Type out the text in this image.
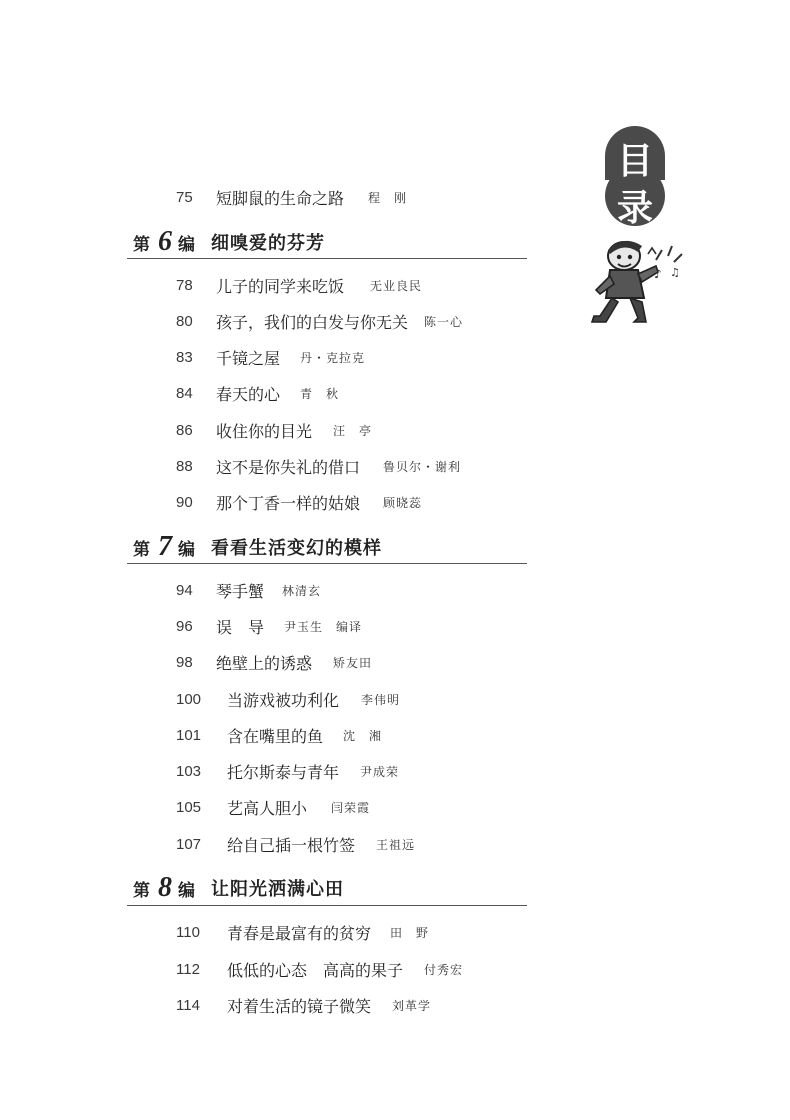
目
录
♪ ♫
75 短脚鼠的生命之路 程　刚
第 6 编 细嗅爱的芬芳
78 儿子的同学来吃饭 无业良民
80 孩子，我们的白发与你无关 陈一心
83 千镜之屋 丹・克拉克
84 春天的心 青　秋
86 收住你的目光 汪　亭
88 这不是你失礼的借口 鲁贝尔・谢利
90 那个丁香一样的姑娘 顾晓蕊
第 7 编 看看生活变幻的模样
94 琴手蟹 林清玄
96 误　导 尹玉生　编译
98 绝壁上的诱惑 矫友田
100 当游戏被功利化 李伟明
101 含在嘴里的鱼 沈　湘
103 托尔斯泰与青年 尹成荣
105 艺高人胆小 闫荣霞
107 给自己插一根竹签 王祖远
第 8 编 让阳光洒满心田
110 青春是最富有的贫穷 田　野
112 低低的心态　高高的果子 付秀宏
114 对着生活的镜子微笑 刘革学
